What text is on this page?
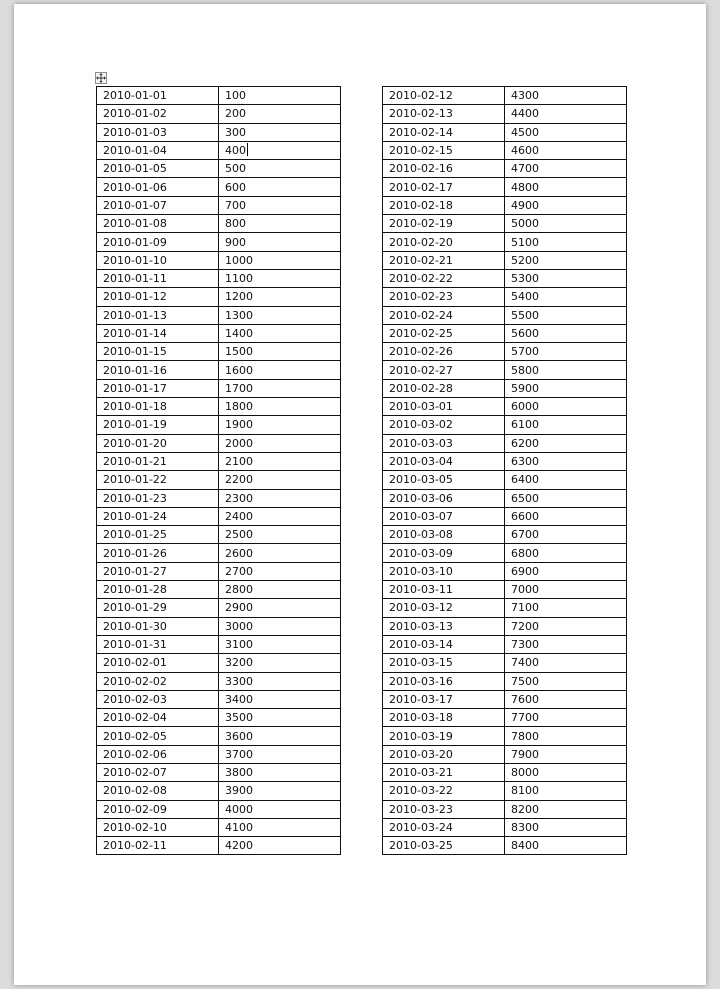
2010-01-01	100
2010-01-02	200
2010-01-03	300
2010-01-04	400
2010-01-05	500
2010-01-06	600
2010-01-07	700
2010-01-08	800
2010-01-09	900
2010-01-10	1000
2010-01-11	1100
2010-01-12	1200
2010-01-13	1300
2010-01-14	1400
2010-01-15	1500
2010-01-16	1600
2010-01-17	1700
2010-01-18	1800
2010-01-19	1900
2010-01-20	2000
2010-01-21	2100
2010-01-22	2200
2010-01-23	2300
2010-01-24	2400
2010-01-25	2500
2010-01-26	2600
2010-01-27	2700
2010-01-28	2800
2010-01-29	2900
2010-01-30	3000
2010-01-31	3100
2010-02-01	3200
2010-02-02	3300
2010-02-03	3400
2010-02-04	3500
2010-02-05	3600
2010-02-06	3700
2010-02-07	3800
2010-02-08	3900
2010-02-09	4000
2010-02-10	4100
2010-02-11	4200
2010-02-12	4300
2010-02-13	4400
2010-02-14	4500
2010-02-15	4600
2010-02-16	4700
2010-02-17	4800
2010-02-18	4900
2010-02-19	5000
2010-02-20	5100
2010-02-21	5200
2010-02-22	5300
2010-02-23	5400
2010-02-24	5500
2010-02-25	5600
2010-02-26	5700
2010-02-27	5800
2010-02-28	5900
2010-03-01	6000
2010-03-02	6100
2010-03-03	6200
2010-03-04	6300
2010-03-05	6400
2010-03-06	6500
2010-03-07	6600
2010-03-08	6700
2010-03-09	6800
2010-03-10	6900
2010-03-11	7000
2010-03-12	7100
2010-03-13	7200
2010-03-14	7300
2010-03-15	7400
2010-03-16	7500
2010-03-17	7600
2010-03-18	7700
2010-03-19	7800
2010-03-20	7900
2010-03-21	8000
2010-03-22	8100
2010-03-23	8200
2010-03-24	8300
2010-03-25	8400
